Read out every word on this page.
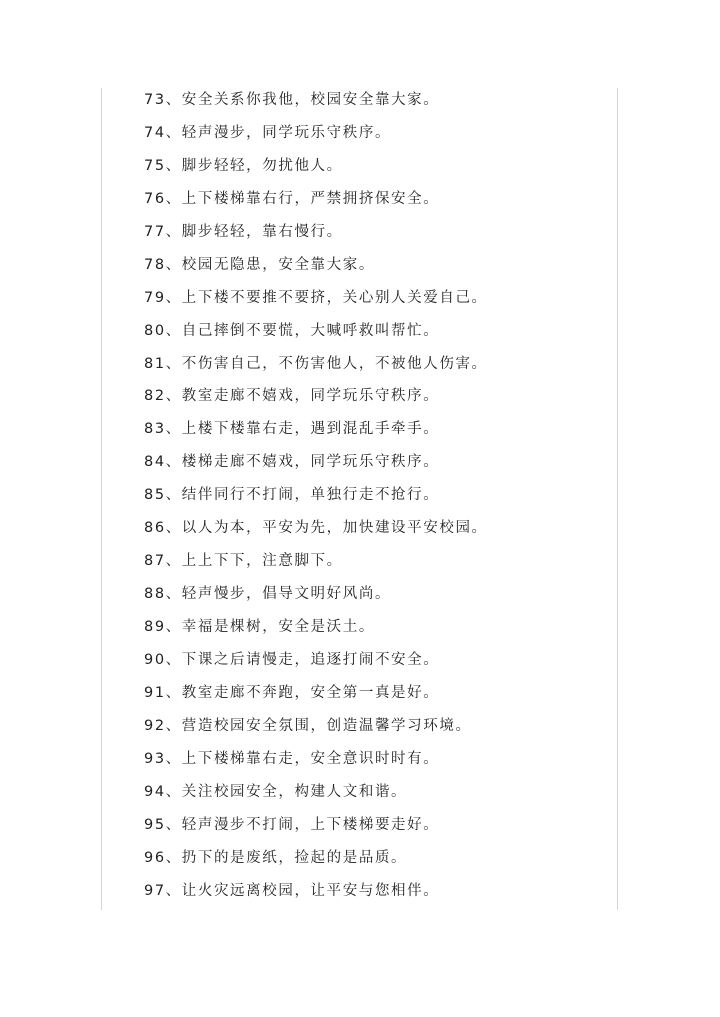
73、安全关系你我他，校园安全靠大家。
74、轻声漫步，同学玩乐守秩序。
75、脚步轻轻，勿扰他人。
76、上下楼梯靠右行，严禁拥挤保安全。
77、脚步轻轻，靠右慢行。
78、校园无隐患，安全靠大家。
79、上下楼不要推不要挤，关心别人关爱自己。
80、自己摔倒不要慌，大喊呼救叫帮忙。
81、不伤害自己，不伤害他人，不被他人伤害。
82、教室走廊不嬉戏，同学玩乐守秩序。
83、上楼下楼靠右走，遇到混乱手牵手。
84、楼梯走廊不嬉戏，同学玩乐守秩序。
85、结伴同行不打闹，单独行走不抢行。
86、以人为本，平安为先，加快建设平安校园。
87、上上下下，注意脚下。
88、轻声慢步，倡导文明好风尚。
89、幸福是棵树，安全是沃土。
90、下课之后请慢走，追逐打闹不安全。
91、教室走廊不奔跑，安全第一真是好。
92、营造校园安全氛围，创造温馨学习环境。
93、上下楼梯靠右走，安全意识时时有。
94、关注校园安全，构建人文和谐。
95、轻声漫步不打闹，上下楼梯要走好。
96、扔下的是废纸，捡起的是品质。
97、让火灾远离校园，让平安与您相伴。
